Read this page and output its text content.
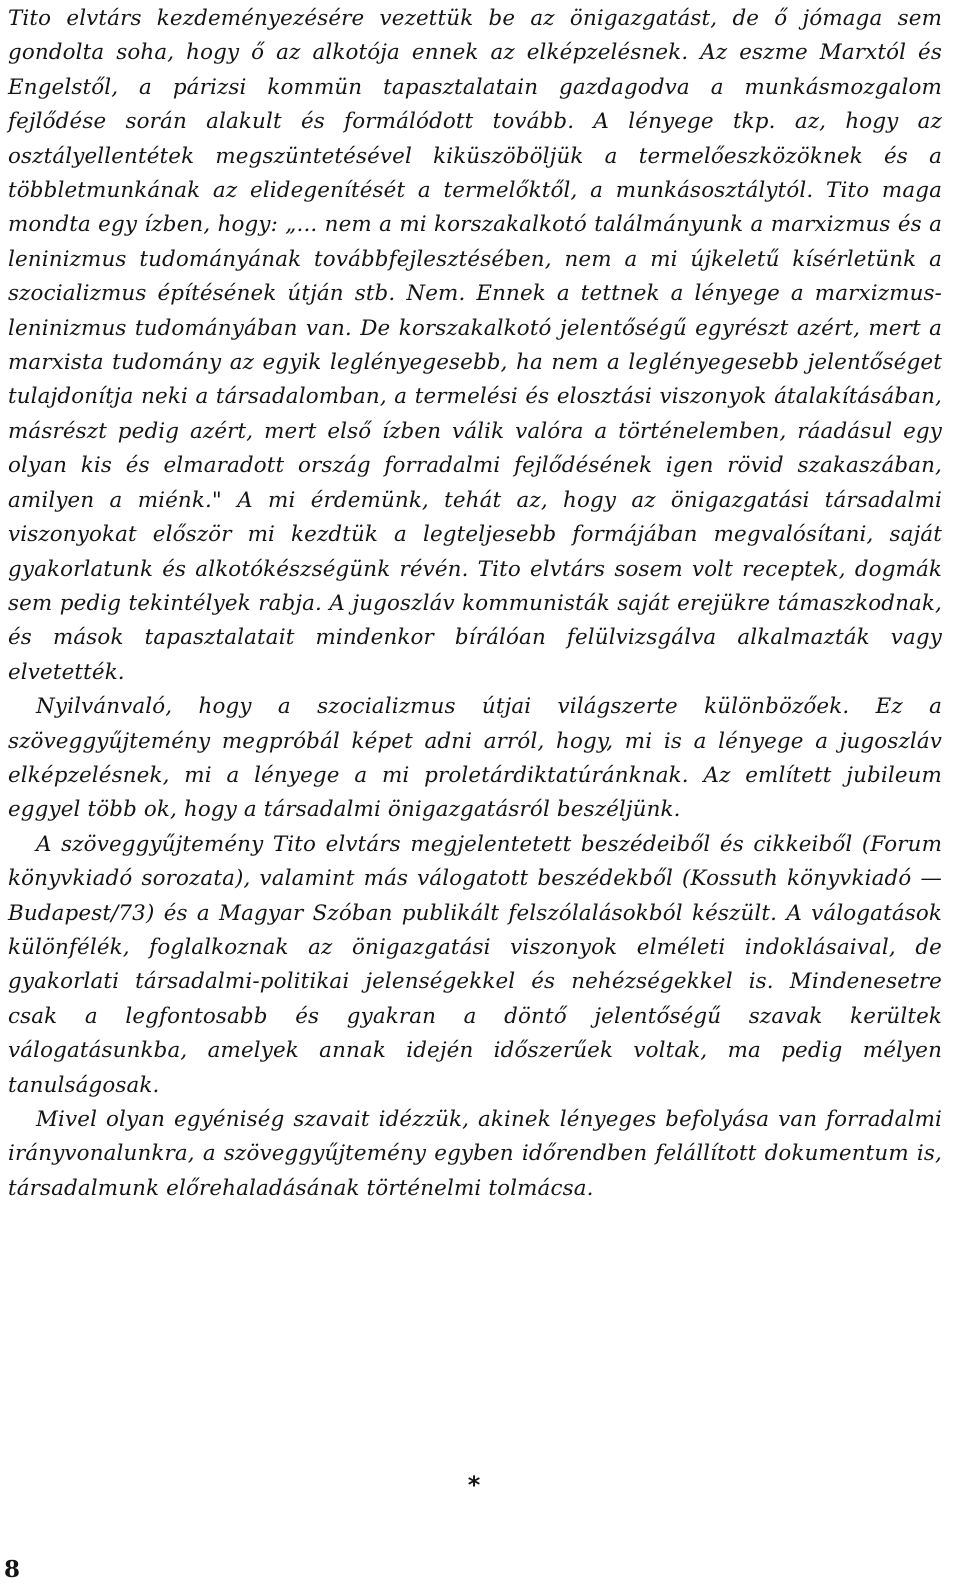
Tito elvtárs kezdeményezésére vezettük be az önigazgatást, de ő jómaga sem gondolta soha, hogy ő az alkotója ennek az elképzelésnek. Az eszme Marxtól és Engelstől, a párizsi kommün tapasztalatain gazdagodva a munkásmozgalom fejlődése során alakult és formálódott tovább. A lényege tkp. az, hogy az osztályellentétek megszüntetésével kiküszöböljük a termelőeszközöknek és a többletmunkának az elidegenítését a termelőktől, a munkásosztálytól. Tito maga mondta egy ízben, hogy: „... nem a mi korszakalkotó találmányunk a marxizmus és a leninizmus tudományának továbbfejlesztésében, nem a mi újkeletű kísérletünk a szocializmus építésének útján stb. Nem. Ennek a tettnek a lényege a marxizmus-leninizmus tudományában van. De korszakalkotó jelentőségű egyrészt azért, mert a marxista tudomány az egyik leglényegesebb, ha nem a leglényegesebb jelentőséget tulajdonítja neki a társadalomban, a termelési és elosztási viszonyok átalakításában, másrészt pedig azért, mert első ízben válik valóra a történelemben, ráadásul egy olyan kis és elmaradott ország forradalmi fejlődésének igen rövid szakaszában, amilyen a miénk." A mi érdemünk, tehát az, hogy az önigazgatási társadalmi viszonyokat először mi kezdtük a legteljesebb formájában megvalósítani, saját gyakorlatunk és alkotókészségünk révén. Tito elvtárs sosem volt receptek, dogmák sem pedig tekintélyek rabja. A jugoszláv kommunisták saját erejükre támaszkodnak, és mások tapasztalatait mindenkor bírálóan felülvizsgálva alkalmazták vagy elvetették.

Nyilvánvaló, hogy a szocializmus útjai világszerte különbözőek. Ez a szöveggyűjtemény megpróbál képet adni arról, hogy, mi is a lényege a jugoszláv elképzelésnek, mi a lényege a mi proletárdiktatúránknak. Az említett jubileum eggyel több ok, hogy a társadalmi önigazgatásról beszéljünk.

A szöveggyűjtemény Tito elvtárs megjelentetett beszédeiből és cikkeiből (Forum könyvkiadó sorozata), valamint más válogatott beszédekből (Kossuth könyvkiadó — Budapest/73) és a Magyar Szóban publikált felszólalásokból készült. A válogatások különfélék, foglalkoznak az önigazgatási viszonyok elméleti indoklásaival, de gyakorlati társadalmi-politikai jelenségekkel és nehézségekkel is. Mindenesetre csak a legfontosabb és gyakran a döntő jelentőségű szavak kerültek válogatásunkba, amelyek annak idején időszerűek voltak, ma pedig mélyen tanulságosak.

Mivel olyan egyéniség szavait idézzük, akinek lényeges befolyása van forradalmi irányvonalunkra, a szöveggyűjtemény egyben időrendben felállított dokumentum is, társadalmunk előrehaladásának történelmi tolmácsa.

*
8
